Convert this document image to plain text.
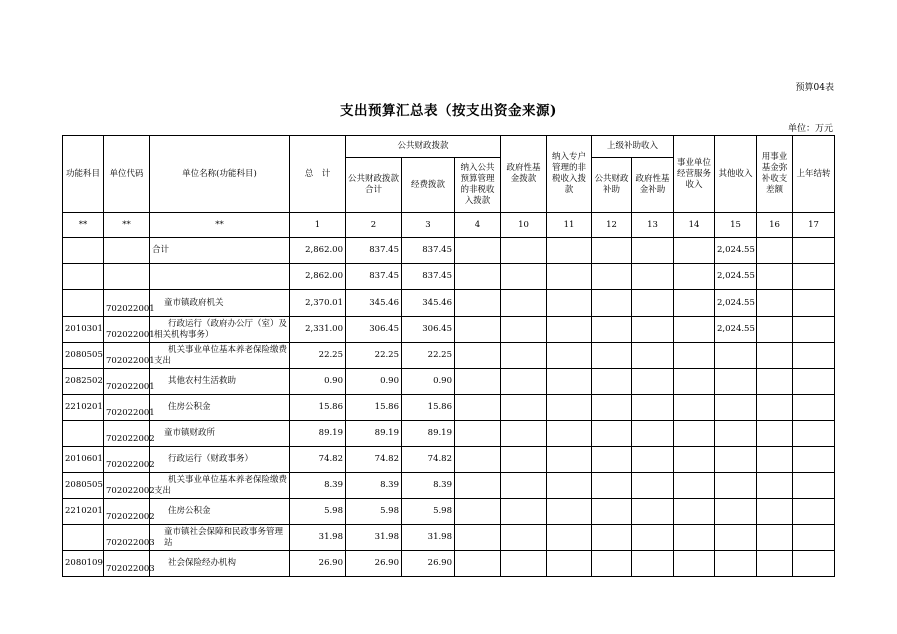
预算04表
支出预算汇总表（按支出资金来源)
单位：万元
功能科目	单位代码	单位名称(功能科目)	总　计	公共财政拨款			政府性基金拨款	纳入专户管理的非税收入拨款	上级补助收入		事业单位经营服务收入	其他收入	用事业基金弥补收支差额	上年结转
				公共财政拨款合计	经费拨款	纳入公共预算管理的非税收入拨款			公共财政补助	政府性基金补助				

**	**	**	1	2	3	4	10	11	12	13	14	15	16	17
		合计	2,862.00	837.45	837.45							2,024.55		
			2,862.00	837.45	837.45							2,024.55		
	702022001	童市镇政府机关	2,370.01	345.46	345.46							2,024.55		
2010301	702022001	行政运行（政府办公厅（室）及相关机构事务）	2,331.00	306.45	306.45							2,024.55		
2080505	702022001	机关事业单位基本养老保险缴费支出	22.25	22.25	22.25									
2082502	702022001	其他农村生活救助	0.90	0.90	0.90									
2210201	702022001	住房公积金	15.86	15.86	15.86									
	702022002	童市镇财政所	89.19	89.19	89.19									
2010601	702022002	行政运行（财政事务）	74.82	74.82	74.82									
2080505	702022002	机关事业单位基本养老保险缴费支出	8.39	8.39	8.39									
2210201	702022002	住房公积金	5.98	5.98	5.98									
	702022003	童市镇社会保障和民政事务管理站	31.98	31.98	31.98									
2080109	702022003	社会保险经办机构	26.90	26.90	26.90									
